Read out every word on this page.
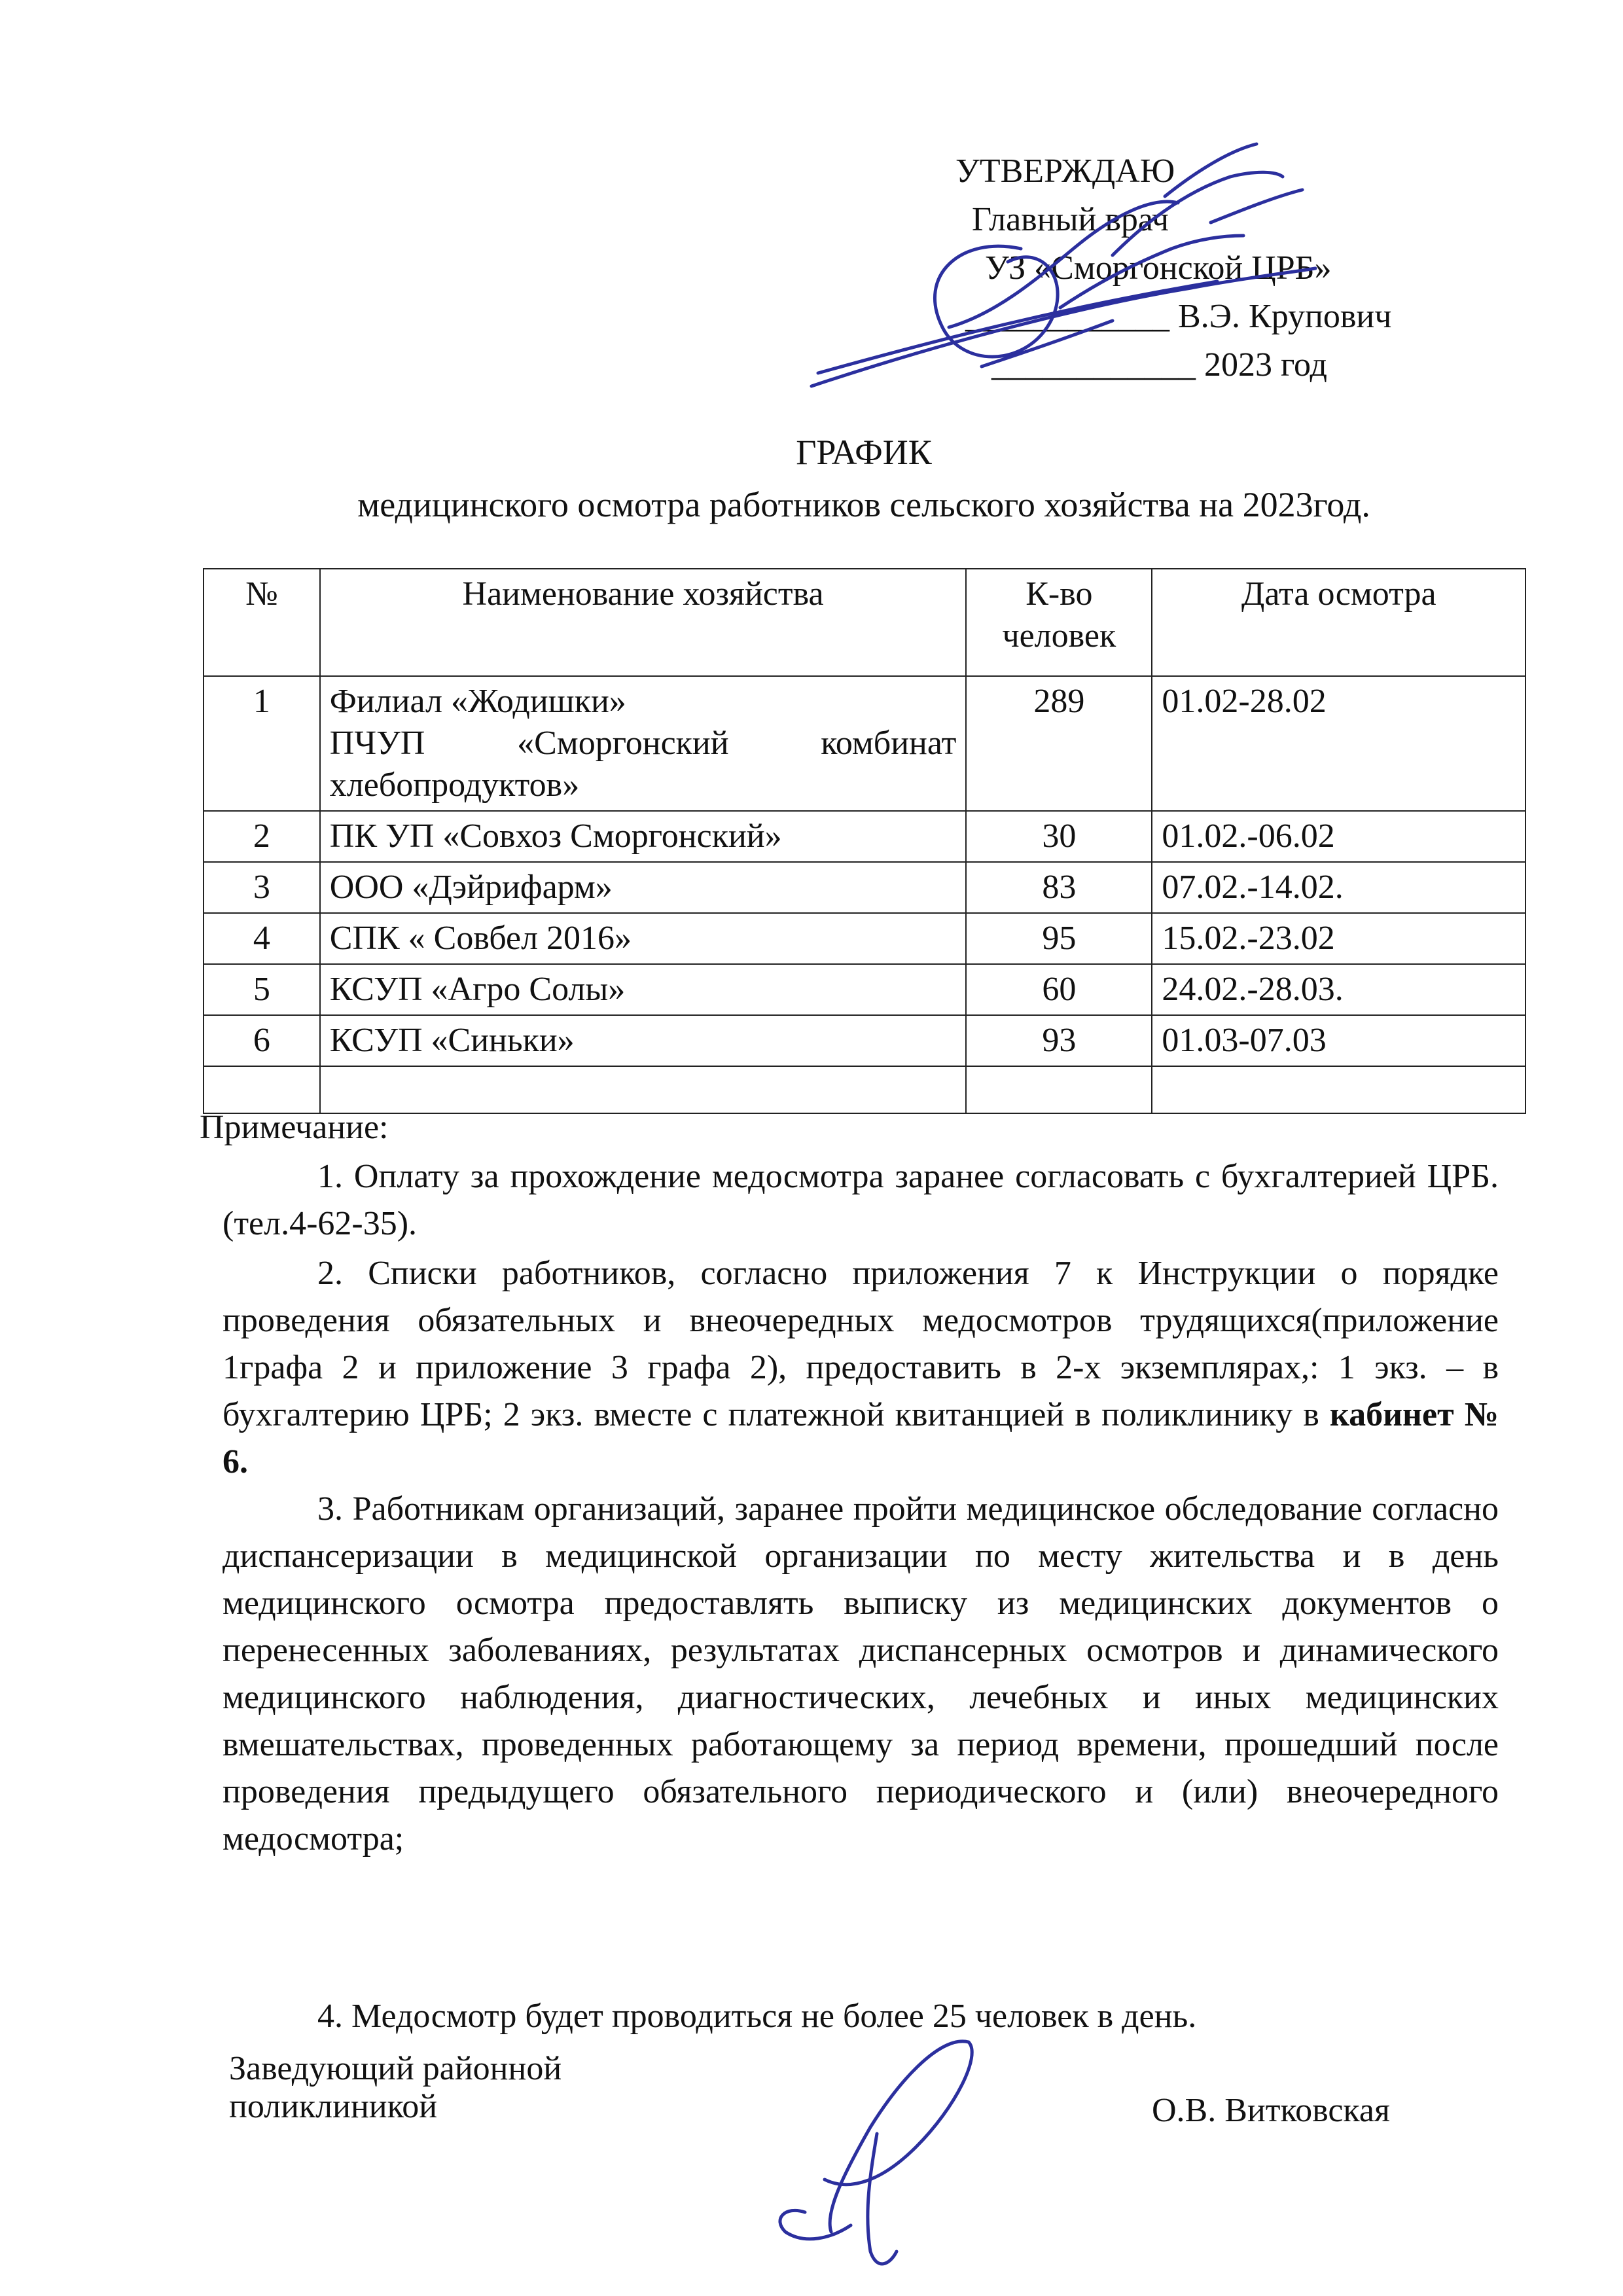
УТВЕРЖДАЮ
Главный врач
УЗ «Сморгонской ЦРБ»
____________ В.Э. Крупович
____________ 2023 год
ГРАФИК
медицинского осмотра работников сельского хозяйства на 2023год.
№	Наименование хозяйства	К-во человек	Дата осмотра
1	Филиал «Жодишки»
ПЧУП «Сморгонский комбинат
хлебопродуктов»	289	01.02-28.02
2	ПК УП «Совхоз Сморгонский»	30	01.02.-06.02
3	ООО «Дэйрифарм»	83	07.02.-14.02.
4	СПК « Совбел 2016»	95	15.02.-23.02
5	КСУП «Агро Солы»	60	24.02.-28.03.
6	КСУП «Синьки»	93	01.03-07.03

Примечание:
1. Оплату за прохождение медосмотра заранее согласовать с бухгалтерией ЦРБ. (тел.4-62-35).
2. Списки работников, согласно приложения 7 к Инструкции о порядке проведения обязательных и внеочередных медосмотров трудящихся(приложение 1графа 2 и приложение 3 графа 2), предоставить в 2-х экземплярах,: 1 экз. – в бухгалтерию ЦРБ; 2 экз. вместе с платежной квитанцией в поликлинику в кабинет № 6.
3. Работникам организаций, заранее пройти медицинское обследование согласно диспансеризации в медицинской организации по месту жительства и в день медицинского осмотра предоставлять выписку из медицинских документов о перенесенных заболеваниях, результатах диспансерных осмотров и динамического медицинского наблюдения, диагностических, лечебных и иных медицинских вмешательствах, проведенных работающему за период времени, прошедший после проведения предыдущего обязательного периодического и (или) внеочередного медосмотра;
4. Медосмотр будет проводиться не более 25 человек в день.
Заведующий районной
поликлиникой	О.В. Витковская
